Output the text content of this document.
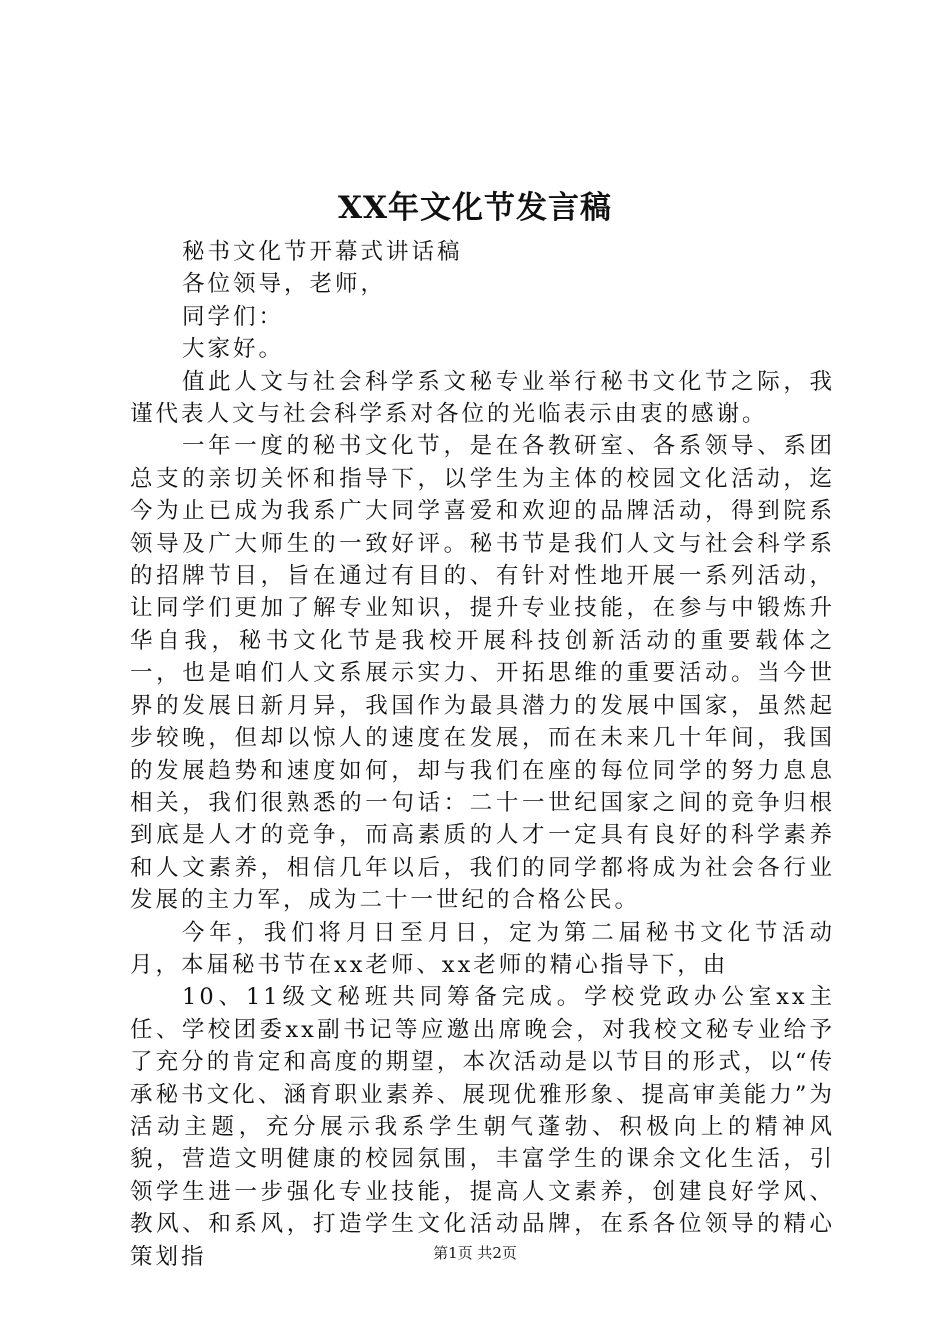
XX年文化节发言稿

秘书文化节开幕式讲话稿

各位领导，老师，

同学们：

大家好。

值此人文与社会科学系文秘专业举行秘书文化节之际，我谨代表人文与社会科学系对各位的光临表示由衷的感谢。

一年一度的秘书文化节，是在各教研室、各系领导、系团总支的亲切关怀和指导下，以学生为主体的校园文化活动，迄今为止已成为我系广大同学喜爱和欢迎的品牌活动，得到院系领导及广大师生的一致好评。秘书节是我们人文与社会科学系的招牌节目，旨在通过有目的、有针对性地开展一系列活动，让同学们更加了解专业知识，提升专业技能，在参与中锻炼升华自我，秘书文化节是我校开展科技创新活动的重要载体之一，也是咱们人文系展示实力、开拓思维的重要活动。当今世界的发展日新月异，我国作为最具潜力的发展中国家，虽然起步较晚，但却以惊人的速度在发展，而在未来几十年间，我国的发展趋势和速度如何，却与我们在座的每位同学的努力息息相关，我们很熟悉的一句话：二十一世纪国家之间的竞争归根到底是人才的竞争，而高素质的人才一定具有良好的科学素养和人文素养，相信几年以后，我们的同学都将成为社会各行业发展的主力军，成为二十一世纪的合格公民。

今年，我们将月日至月日，定为第二届秘书文化节活动月，本届秘书节在xx老师、xx老师的精心指导下，由

10、11级文秘班共同筹备完成。学校党政办公室xx主任、学校团委xx副书记等应邀出席晚会，对我校文秘专业给予了充分的肯定和高度的期望，本次活动是以节目的形式，以“传承秘书文化、涵育职业素养、展现优雅形象、提高审美能力”为活动主题，充分展示我系学生朝气蓬勃、积极向上的精神风貌，营造文明健康的校园氛围，丰富学生的课余文化生活，引领学生进一步强化专业技能，提高人文素养，创建良好学风、教风、和系风，打造学生文化活动品牌，在系各位领导的精心策划指	第1页 共2页
